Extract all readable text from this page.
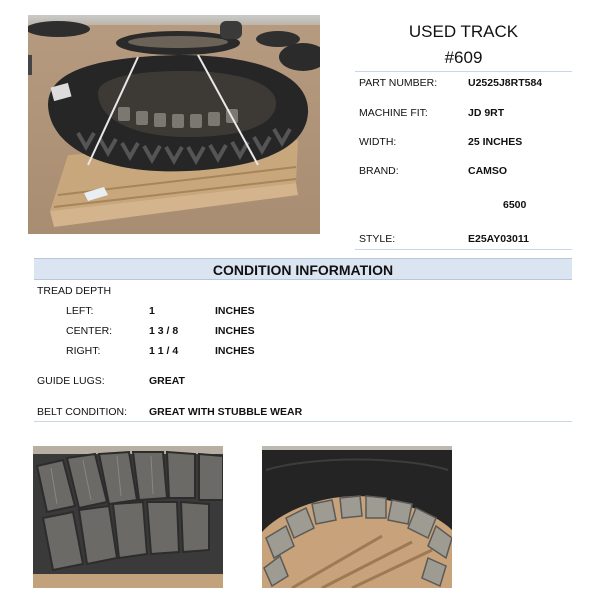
USED TRACK
#609
PART NUMBER:	U2525J8RT584
MACHINE FIT:	JD 9RT
WIDTH:	25 INCHES
BRAND:	CAMSO
6500
STYLE:	E25AY03011
CONDITION INFORMATION
TREAD DEPTH
LEFT:	1	INCHES
CENTER:	1 3 / 8	INCHES
RIGHT:	1 1 / 4	INCHES
GUIDE LUGS:	GREAT
BELT CONDITION: GREAT WITH STUBBLE WEAR
